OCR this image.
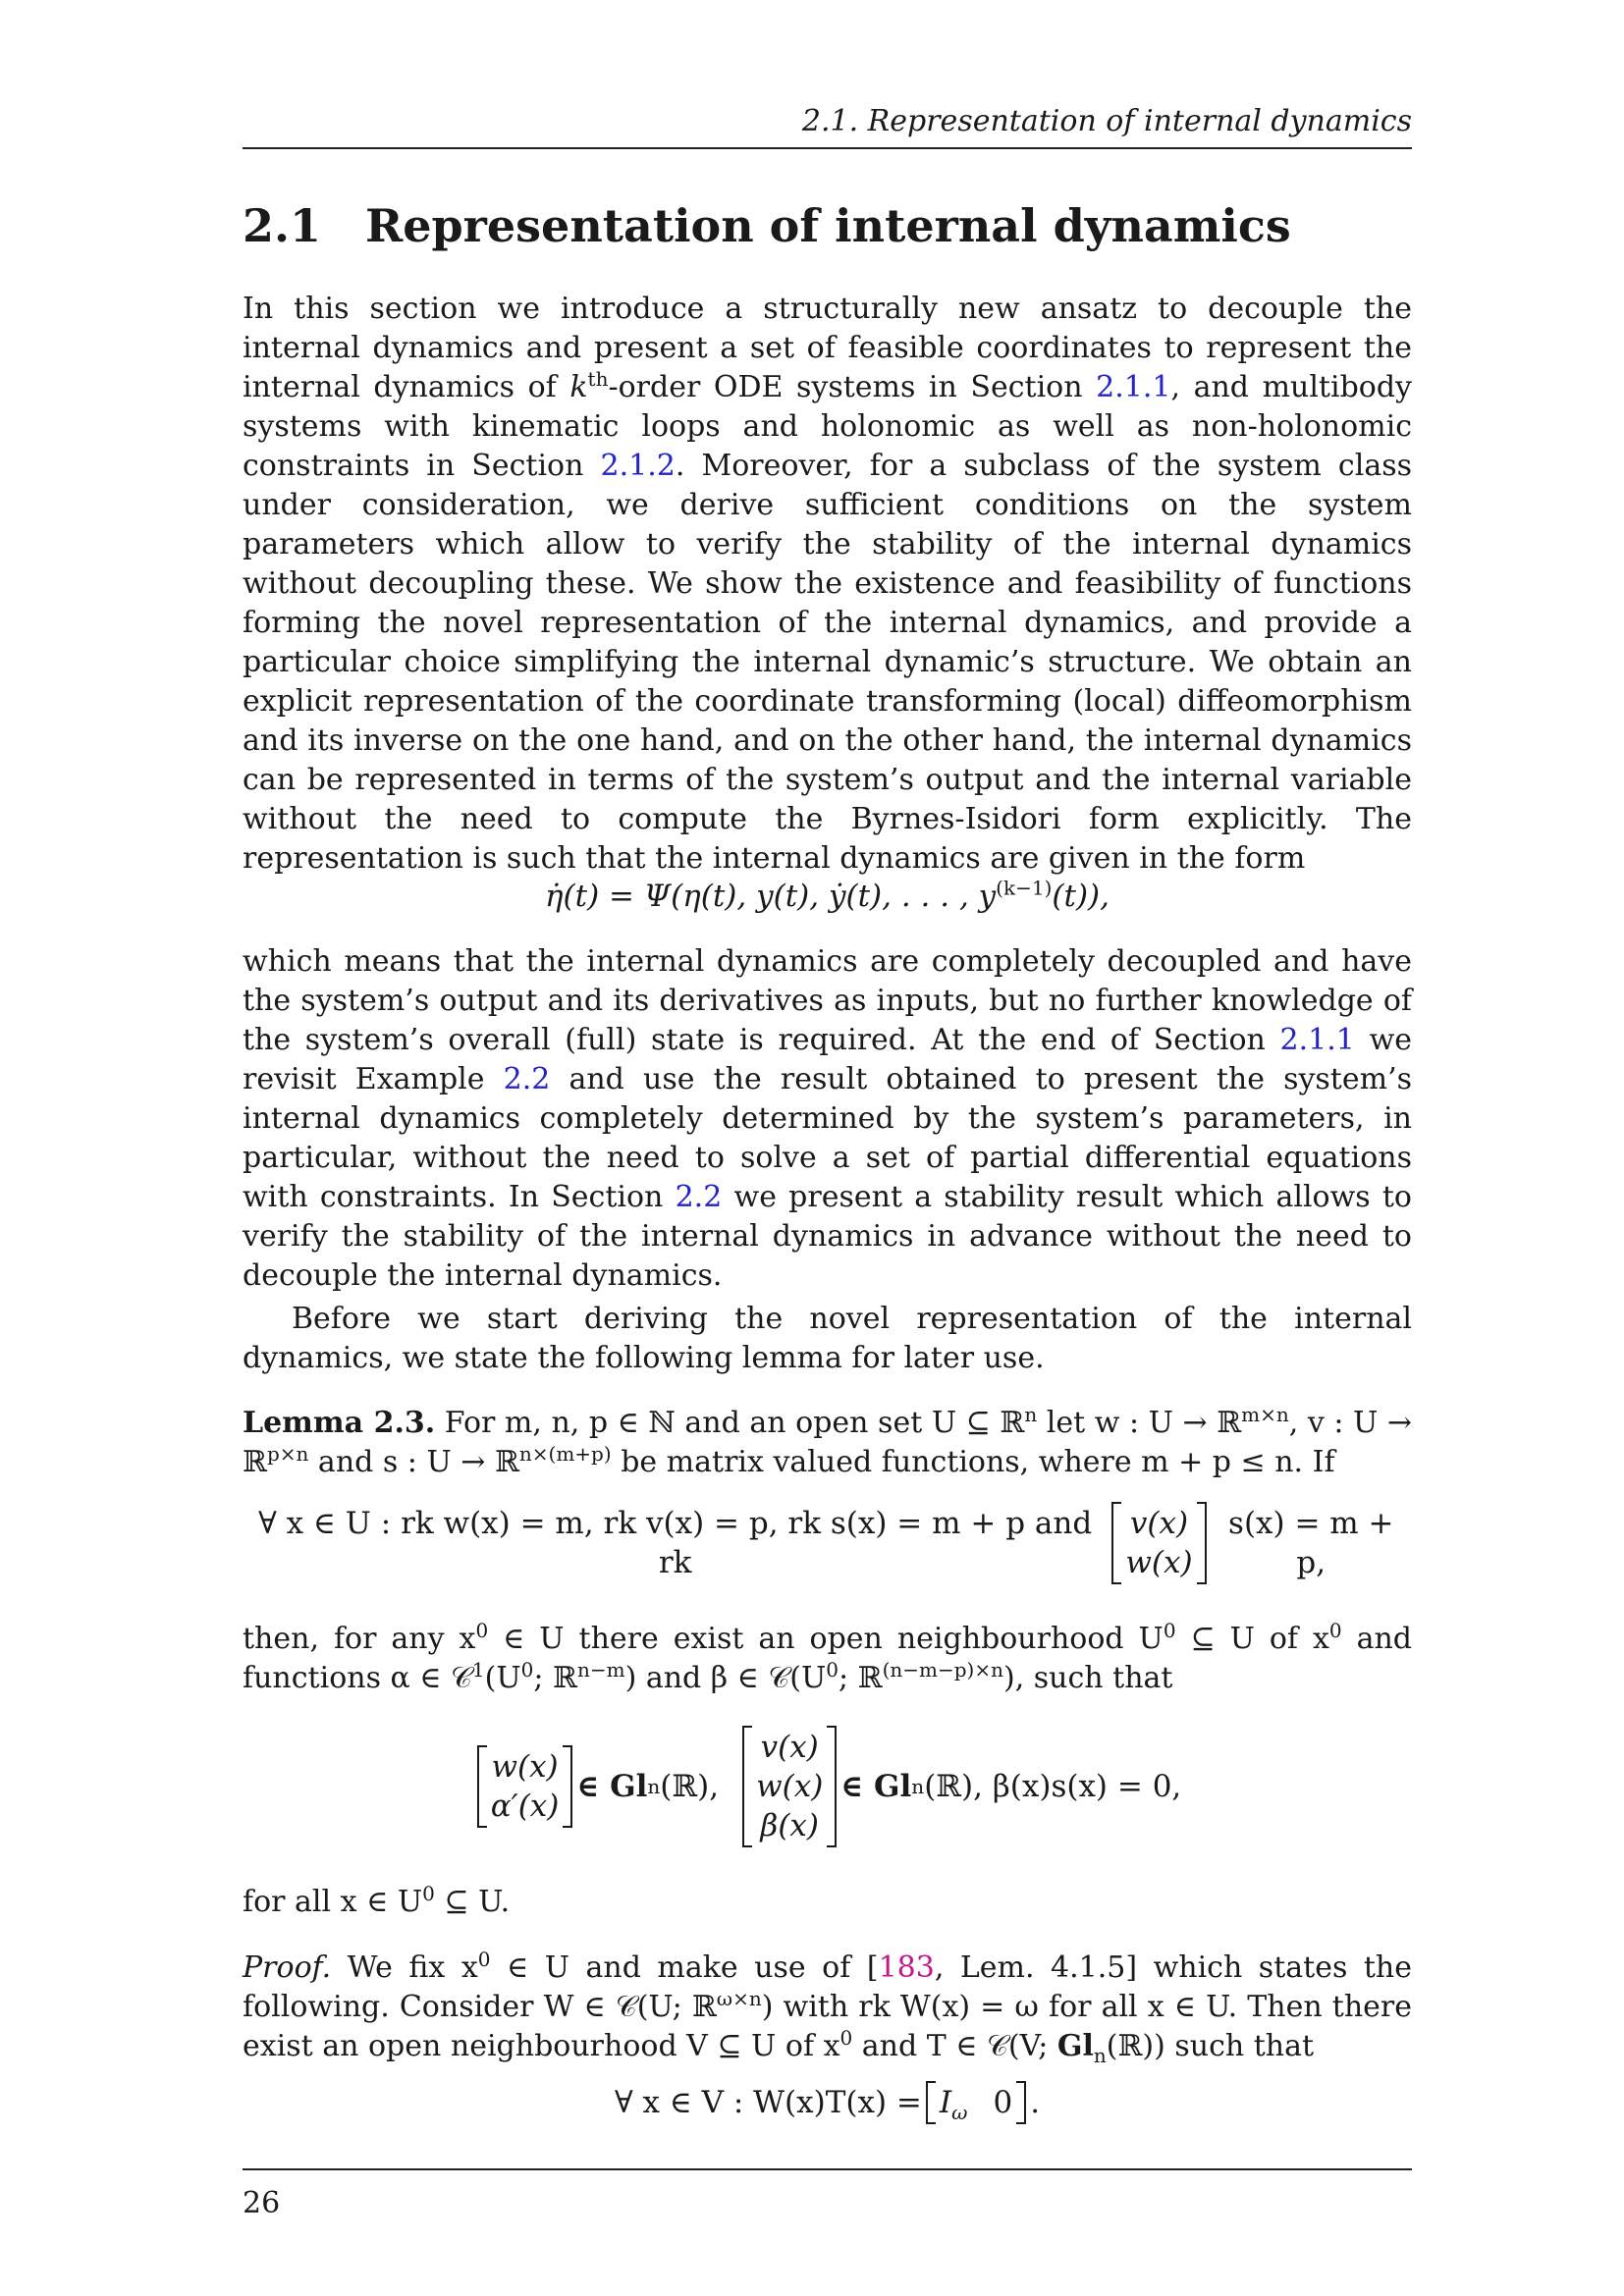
2.1. Representation of internal dynamics
2.1 Representation of internal dynamics

In this section we introduce a structurally new ansatz to decouple the internal dynamics and present a set of feasible coordinates to represent the internal dynamics of $k^{th}$-order ODE systems in Section 2.1.1, and multibody systems with kinematic loops and holonomic as well as non-holonomic constraints in Section 2.1.2. Moreover, for a subclass of the system class under consideration, we derive sufficient conditions on the system parameters which allow to verify the stability of the internal dynamics without decoupling these. We show the existence and feasibility of functions forming the novel representation of the internal dynamics, and provide a particular choice simplifying the internal dynamic’s structure. We obtain an explicit representation of the coordinate transforming (local) diffeomorphism and its inverse on the one hand, and on the other hand, the internal dynamics can be represented in terms of the system’s output and the internal variable without the need to compute the Byrnes-Isidori form explicitly. The representation is such that the internal dynamics are given in the form

η̇(t) = Ψ(η(t), y(t), ẏ(t), . . . , $y^{(k-1)}(t)$),

which means that the internal dynamics are completely decoupled and have the system’s output and its derivatives as inputs, but no further knowledge of the system’s overall (full) state is required. At the end of Section 2.1.1 we revisit Example 2.2 and use the result obtained to present the system’s internal dynamics completely determined by the system’s parameters, in particular, without the need to solve a set of partial differential equations with constraints. In Section 2.2 we present a stability result which allows to verify the stability of the internal dynamics in advance without the need to decouple the internal dynamics.

Before we start deriving the novel representation of the internal dynamics, we state the following lemma for later use.

Lemma 2.3. For m, n, p ∈ ℕ and an open set U ⊆ ℝ$^n$ let w : U → ℝ$^{m\times n}$, v : U → ℝ$^{p\times n}$ and s : U → ℝ$^{n\times(m+p)}$ be matrix valued functions, where m + p ≤ n. If

∀ x ∈ U : rk w(x) = m, rk v(x) = p, rk s(x) = m + p and rk
v(x)
w(x)
s(x) = m + p,

then, for any $x^0$ ∈ U there exist an open neighbourhood $U^0$ ⊆ U of $x^0$ and functions α ∈ $𝒞^1(U^0$; ℝ$^{n-m}$) and β ∈ $𝒞(U^0$; ℝ$^{(n-m-p)\times n}$), such that

w(x)
α′(x)
∈ Gl n (ℝ),
v(x)
w(x)
β(x)
∈ Gl n (ℝ), β(x)s(x) = 0,

for all x ∈ $U^0$ ⊆ U.

Proof. We fix $x^0$ ∈ U and make use of [183, Lem. 4.1.5] which states the following. Consider W ∈ 𝒞(U; ℝ$^{\omega\times n}$) with rk W(x) = ω for all x ∈ U. Then there exist an open neighbourhood V ⊆ U of $x^0$ and T ∈ 𝒞(V; $Gl_n(ℝ)$) such that

∀ x ∈ V : $W(x)T(x) = I_\omega$ 0 .
26
